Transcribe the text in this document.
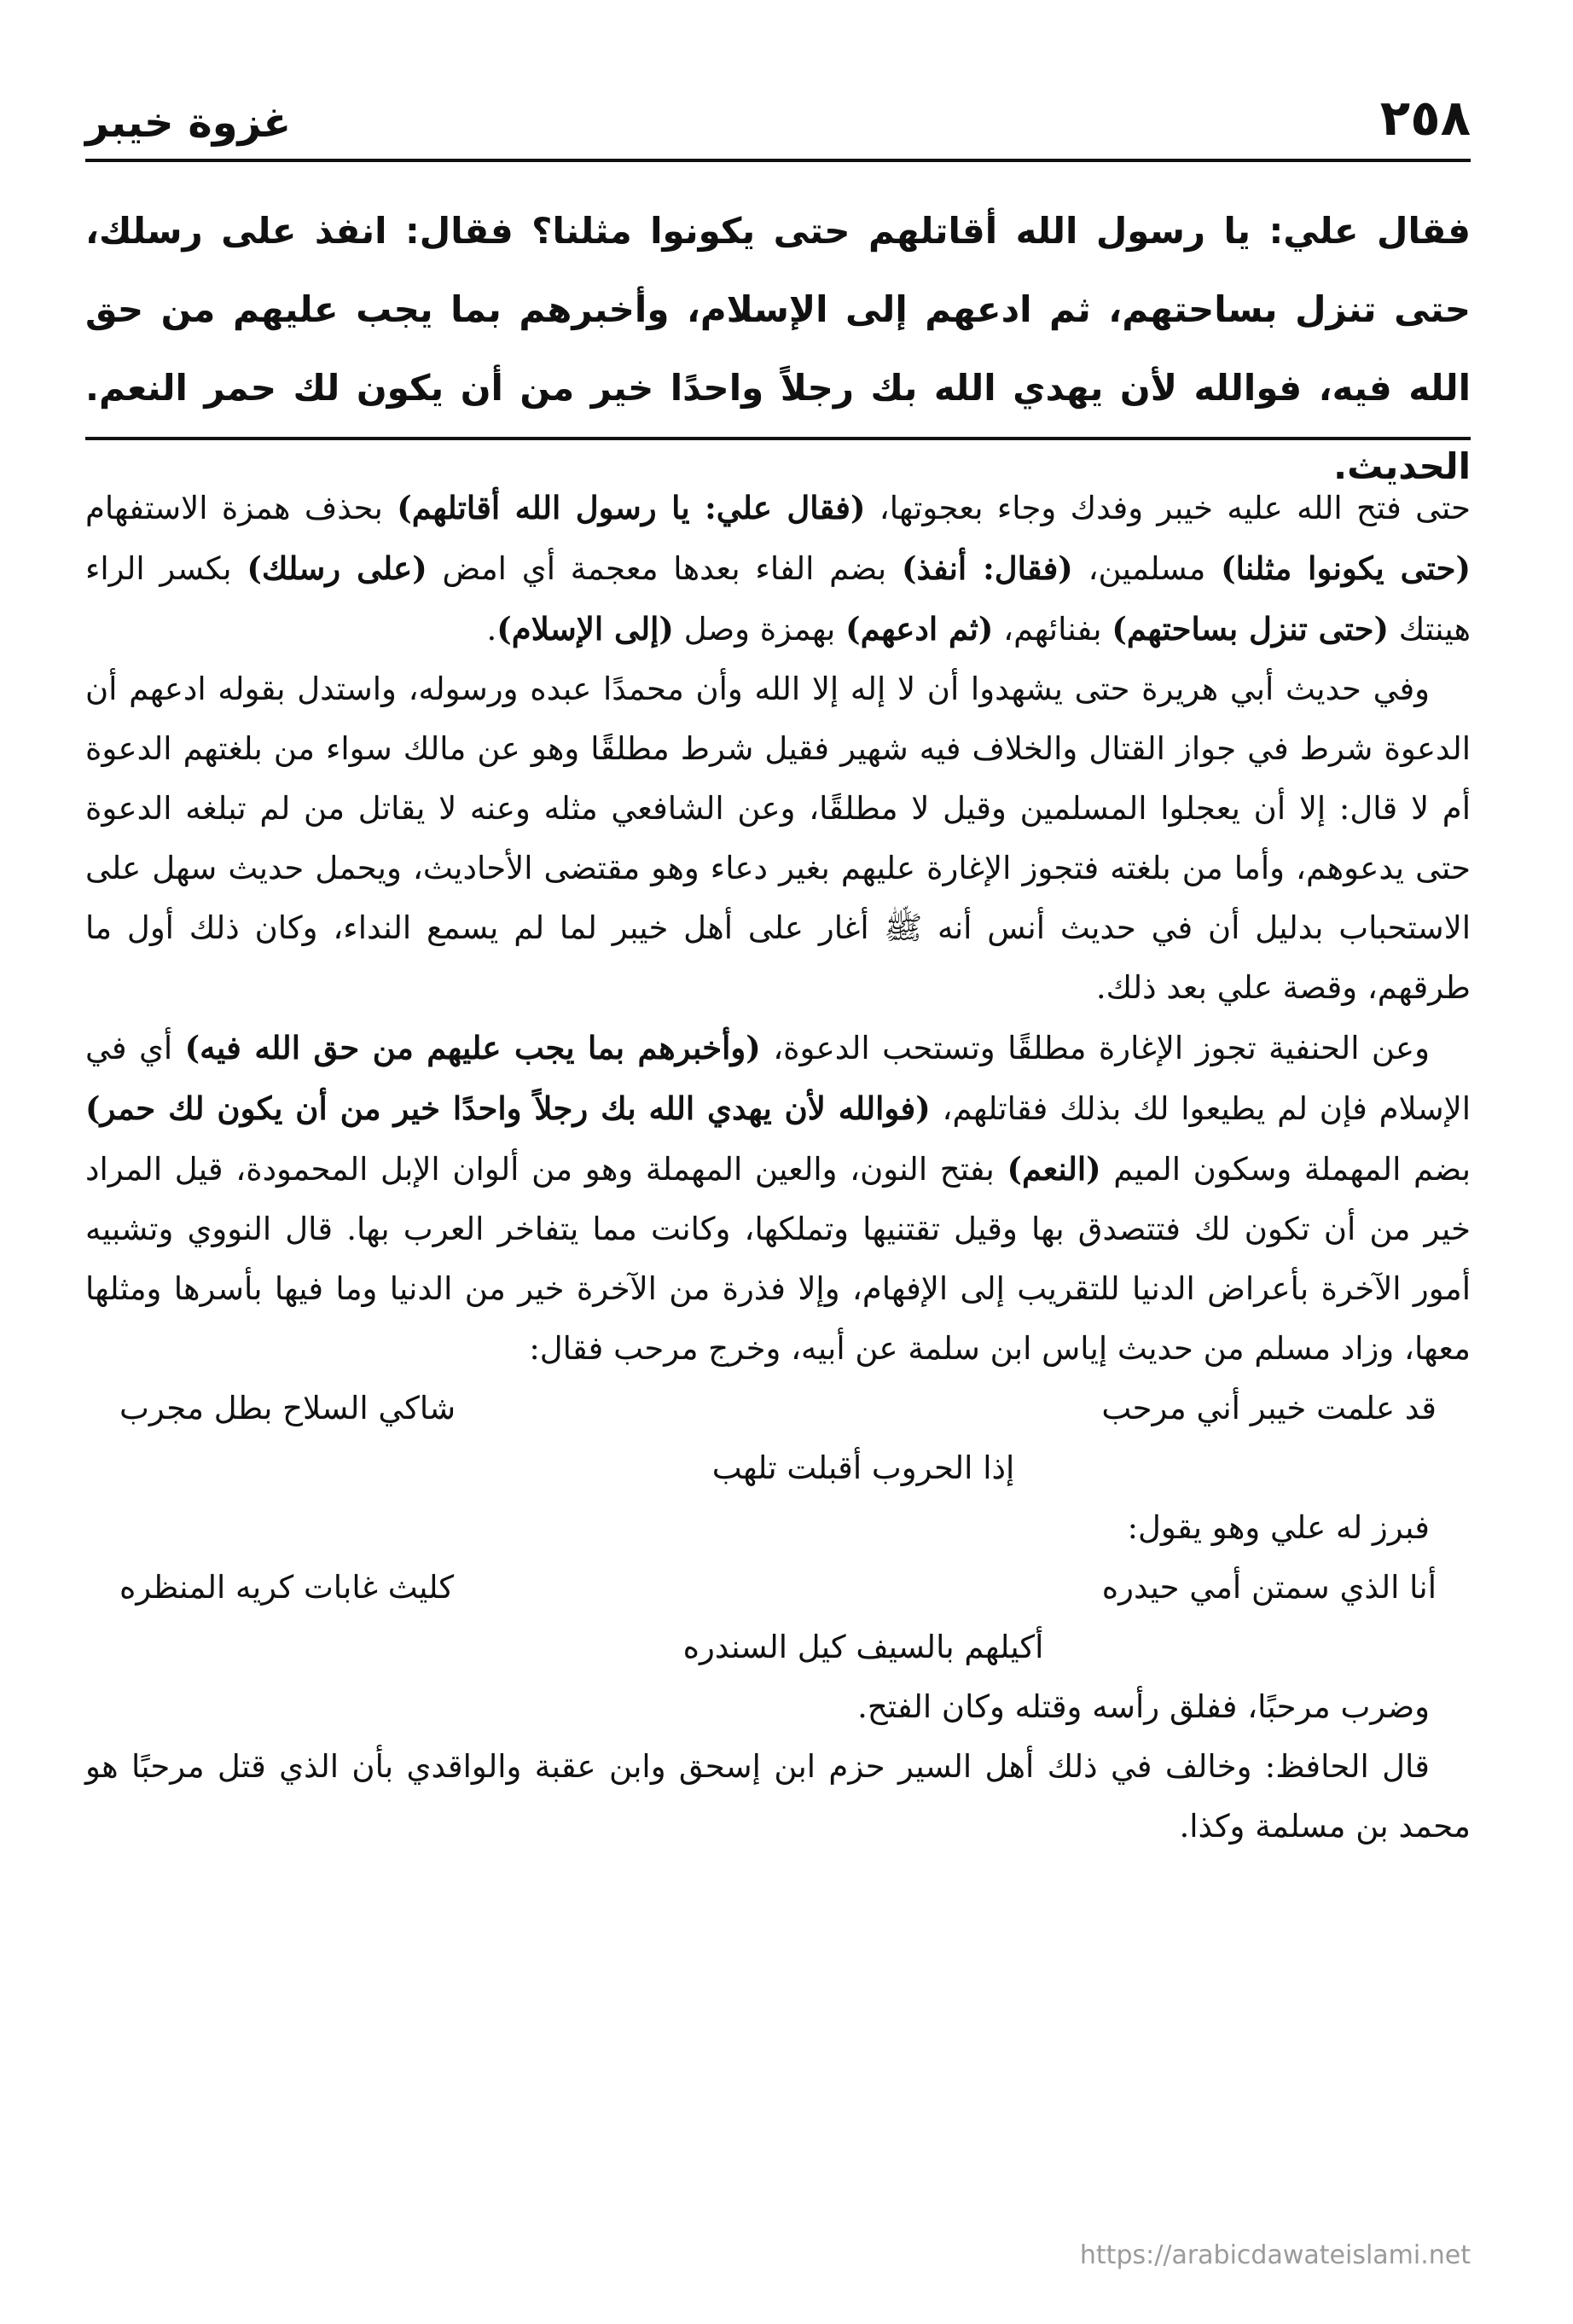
٢٥٨
غزوة خيبر
فقال علي: يا رسول الله أقاتلهم حتى يكونوا مثلنا؟ فقال: انفذ على رسلك، حتى تنزل بساحتهم، ثم ادعهم إلى الإسلام، وأخبرهم بما يجب عليهم من حق الله فيه، فوالله لأن يهدي الله بك رجلاً واحدًا خير من أن يكون لك حمر النعم. الحديث.

حتى فتح الله عليه خيبر وفدك وجاء بعجوتها، (فقال علي: يا رسول الله أقاتلهم) بحذف همزة الاستفهام (حتى يكونوا مثلنا) مسلمين، (فقال: أنفذ) بضم الفاء بعدها معجمة أي امض (على رسلك) بكسر الراء هينتك (حتى تنزل بساحتهم) بفنائهم، (ثم ادعهم) بهمزة وصل (إلى الإسلام).

وفي حديث أبي هريرة حتى يشهدوا أن لا إله إلا الله وأن محمدًا عبده ورسوله، واستدل بقوله ادعهم أن الدعوة شرط في جواز القتال والخلاف فيه شهير فقيل شرط مطلقًا وهو عن مالك سواء من بلغتهم الدعوة أم لا قال: إلا أن يعجلوا المسلمين وقيل لا مطلقًا، وعن الشافعي مثله وعنه لا يقاتل من لم تبلغه الدعوة حتى يدعوهم، وأما من بلغته فتجوز الإغارة عليهم بغير دعاء وهو مقتضى الأحاديث، ويحمل حديث سهل على الاستحباب بدليل أن في حديث أنس أنه ﷺ أغار على أهل خيبر لما لم يسمع النداء، وكان ذلك أول ما طرقهم، وقصة علي بعد ذلك.

وعن الحنفية تجوز الإغارة مطلقًا وتستحب الدعوة، (وأخبرهم بما يجب عليهم من حق الله فيه) أي في الإسلام فإن لم يطيعوا لك بذلك فقاتلهم، (فوالله لأن يهدي الله بك رجلاً واحدًا خير من أن يكون لك حمر) بضم المهملة وسكون الميم (النعم) بفتح النون، والعين المهملة وهو من ألوان الإبل المحمودة، قيل المراد خير من أن تكون لك فتتصدق بها وقيل تقتنيها وتملكها، وكانت مما يتفاخر العرب بها. قال النووي وتشبيه أمور الآخرة بأعراض الدنيا للتقريب إلى الإفهام، وإلا فذرة من الآخرة خير من الدنيا وما فيها بأسرها ومثلها معها، وزاد مسلم من حديث إياس ابن سلمة عن أبيه، وخرج مرحب فقال:

قد علمت خيبر أني مرحب
شاكي السلاح بطل مجرب

إذا الحروب أقبلت تلهب

فبرز له علي وهو يقول:

أنا الذي سمتن أمي حيدره
كليث غابات كريه المنظره

أكيلهم بالسيف كيل السندره

وضرب مرحبًا، ففلق رأسه وقتله وكان الفتح.

قال الحافظ: وخالف في ذلك أهل السير حزم ابن إسحق وابن عقبة والواقدي بأن الذي قتل مرحبًا هو محمد بن مسلمة وكذا.

https://arabicdawateislami.net
